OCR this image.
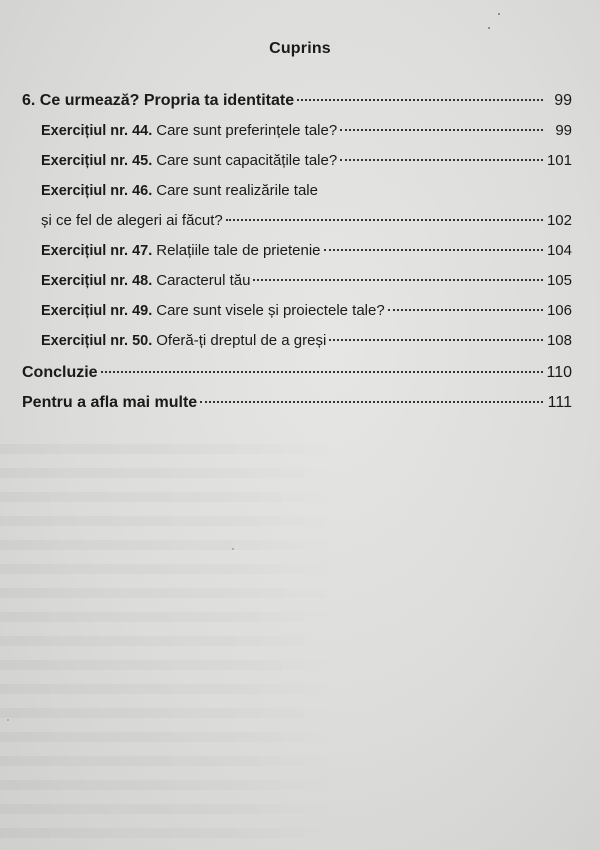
Cuprins
6.
Ce urmează? Propria ta identitate	99
Exercițiul nr. 44. Care sunt preferințele tale?	99
Exercițiul nr. 45. Care sunt capacitățile tale?	101
Exercițiul nr. 46. Care sunt realizările tale
și ce fel de alegeri ai făcut?	102
Exercițiul nr. 47. Relațiile tale de prietenie	104
Exercițiul nr. 48. Caracterul tău	105
Exercițiul nr. 49. Care sunt visele și proiectele tale?	106
Exercițiul nr. 50. Oferă-ți dreptul de a greși	108
Concluzie	110
Pentru a afla mai multe	111
